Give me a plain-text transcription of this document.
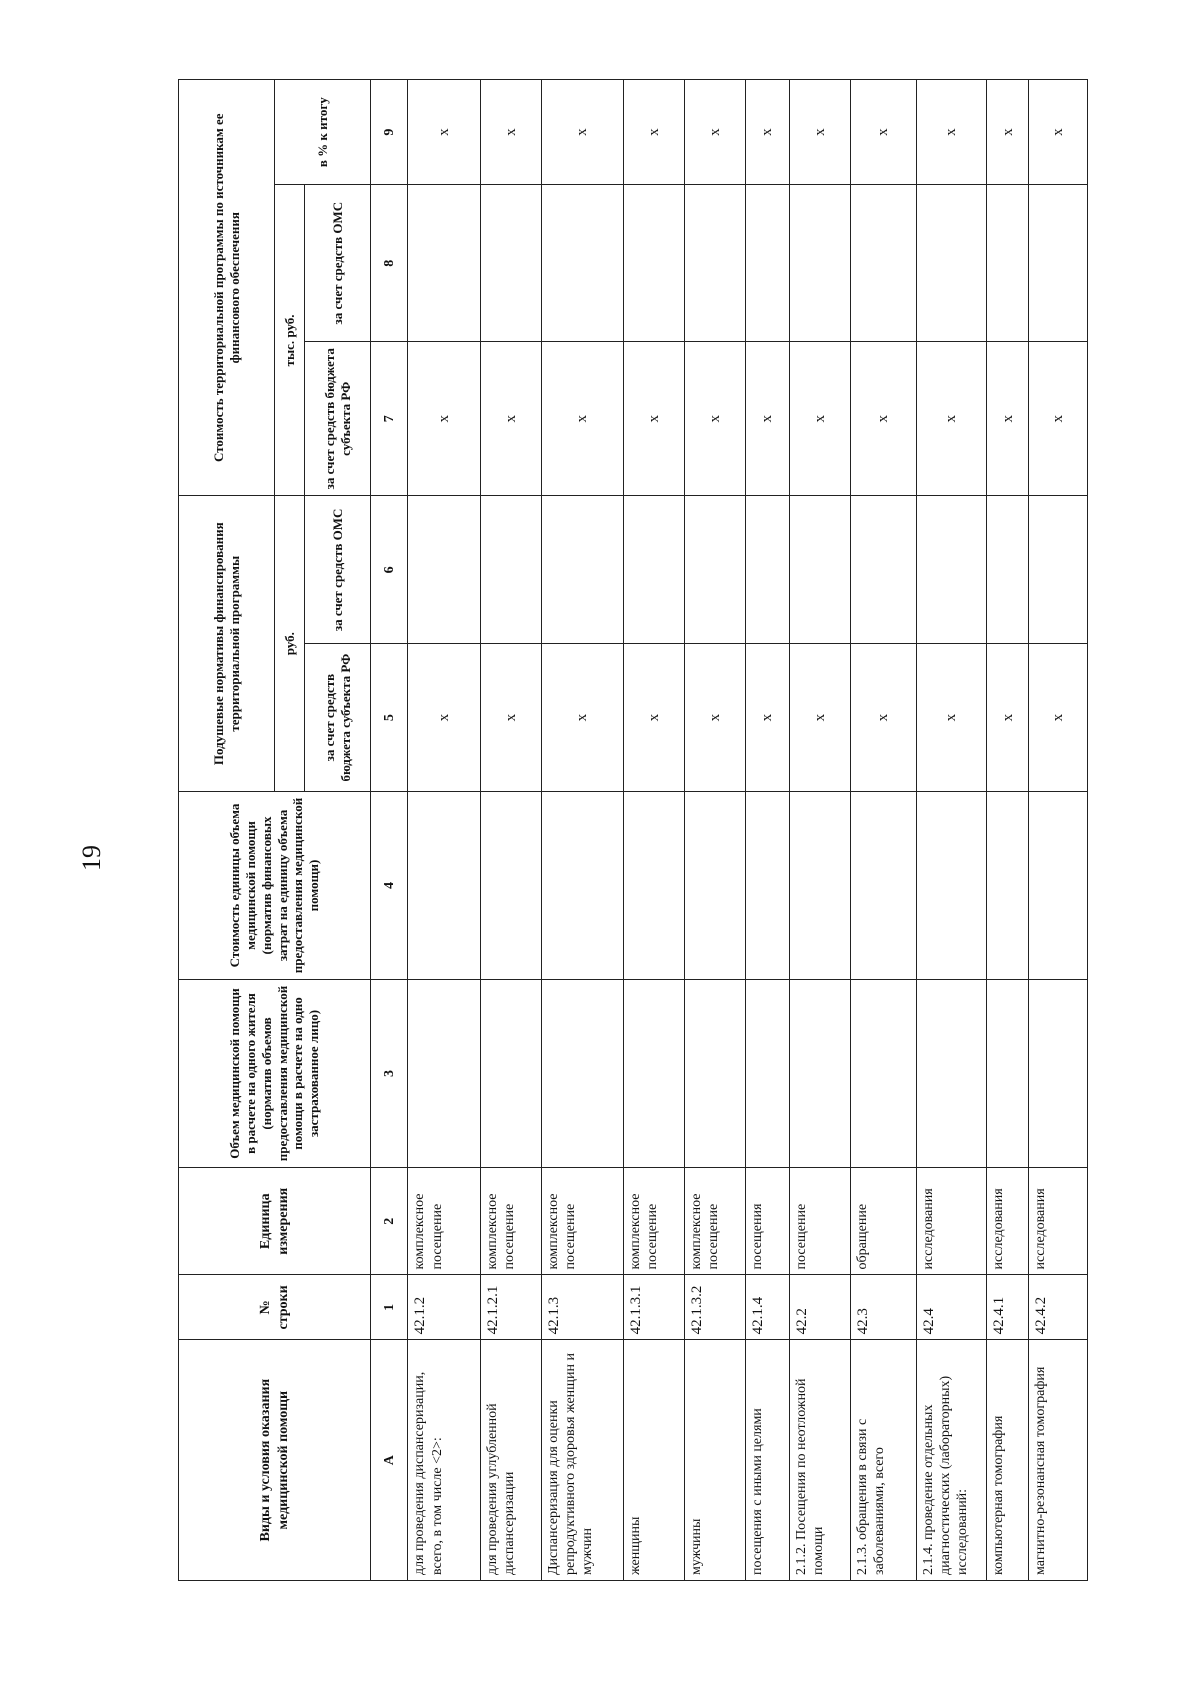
19
Виды и условия оказания медицинской помощи	№ строки	Единица измерения	Объем медицинской помощи в расчете на одного жителя (норматив объемов предоставления медицинской помощи в расчете на одно застрахованное лицо)	Стоимость единицы объема медицинской помощи (норматив финансовых затрат на единицу объема предоставления медицинской помощи)	Подушевые нормативы финансирования территориальной программы		Стоимость территориальной программы по источникам ее финансового обеспечения		
					руб.		тыс. руб.		в % к итогу
					за счет средств бюджета субъекта РФ	за счет средств ОМС	за счет средств бюджета субъекта РФ	за счет средств ОМС	
А	1	2	3	4	5	6	7	8	9
для проведения диспансеризации, всего, в том числе <2>:	42.1.2	комплексное посещение			х		х		х
для проведения углубленной диспансеризации	42.1.2.1	комплексное посещение			х		х		х
Диспансеризация для оценки репродуктивного здоровья женщин и мужчин	42.1.3	комплексное посещение			х		х		х
женщины	42.1.3.1	комплексное посещение			х		х		х
мужчины	42.1.3.2	комплексное посещение			х		х		х
посещения с иными целями	42.1.4	посещения			х		х		х
2.1.2. Посещения по неотложной помощи	42.2	посещение			х		х		х
2.1.3. обращения в связи с заболеваниями, всего	42.3	обращение			х		х		х
2.1.4. проведение отдельных диагностических (лабораторных) исследований:	42.4	исследования			х		х		х
компьютерная томография	42.4.1	исследования			х		х		х
магнитно-резонансная томография	42.4.2	исследования			х		х		х
